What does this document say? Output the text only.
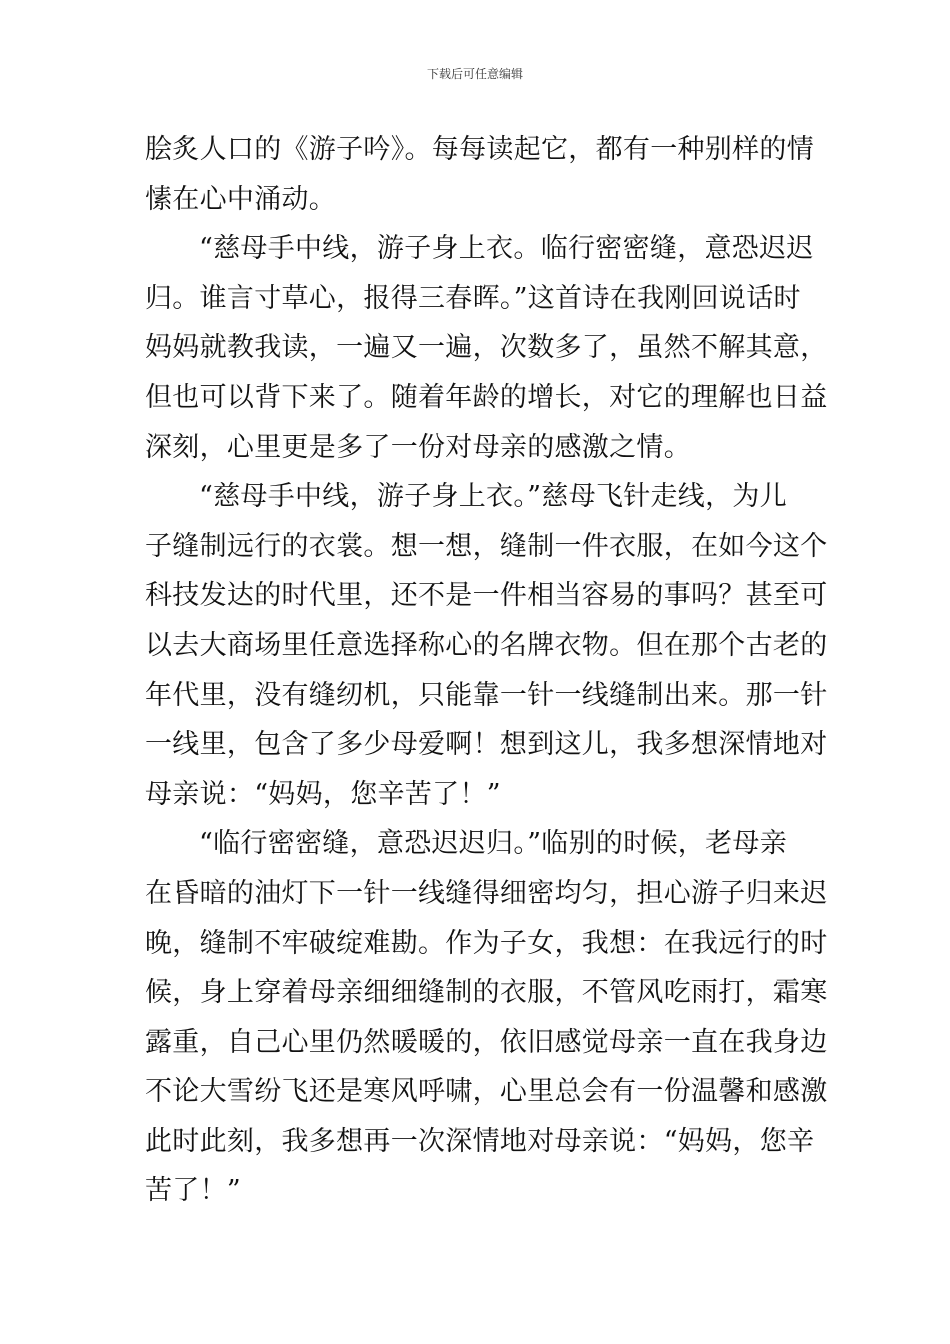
下载后可任意编辑
脍炙人口的《游子吟》。每每读起它，都有一种别样的情
愫在心中涌动。
“慈母手中线，游子身上衣。临行密密缝，意恐迟迟
归。谁言寸草心，报得三春晖。”这首诗在我刚回说话时
妈妈就教我读，一遍又一遍，次数多了，虽然不解其意，
但也可以背下来了。随着年龄的增长，对它的理解也日益
深刻，心里更是多了一份对母亲的感激之情。
“慈母手中线，游子身上衣。”慈母飞针走线，为儿
子缝制远行的衣裳。想一想，缝制一件衣服，在如今这个
科技发达的时代里，还不是一件相当容易的事吗？甚至可
以去大商场里任意选择称心的名牌衣物。但在那个古老的
年代里，没有缝纫机，只能靠一针一线缝制出来。那一针
一线里，包含了多少母爱啊！想到这儿，我多想深情地对
母亲说：“妈妈，您辛苦了！”
“临行密密缝，意恐迟迟归。”临别的时候，老母亲
在昏暗的油灯下一针一线缝得细密均匀，担心游子归来迟
晚，缝制不牢破绽难勘。作为子女，我想：在我远行的时
候，身上穿着母亲细细缝制的衣服，不管风吃雨打，霜寒
露重，自己心里仍然暖暖的，依旧感觉母亲一直在我身边
不论大雪纷飞还是寒风呼啸，心里总会有一份温馨和感激
此时此刻，我多想再一次深情地对母亲说：“妈妈，您辛
苦了！”
